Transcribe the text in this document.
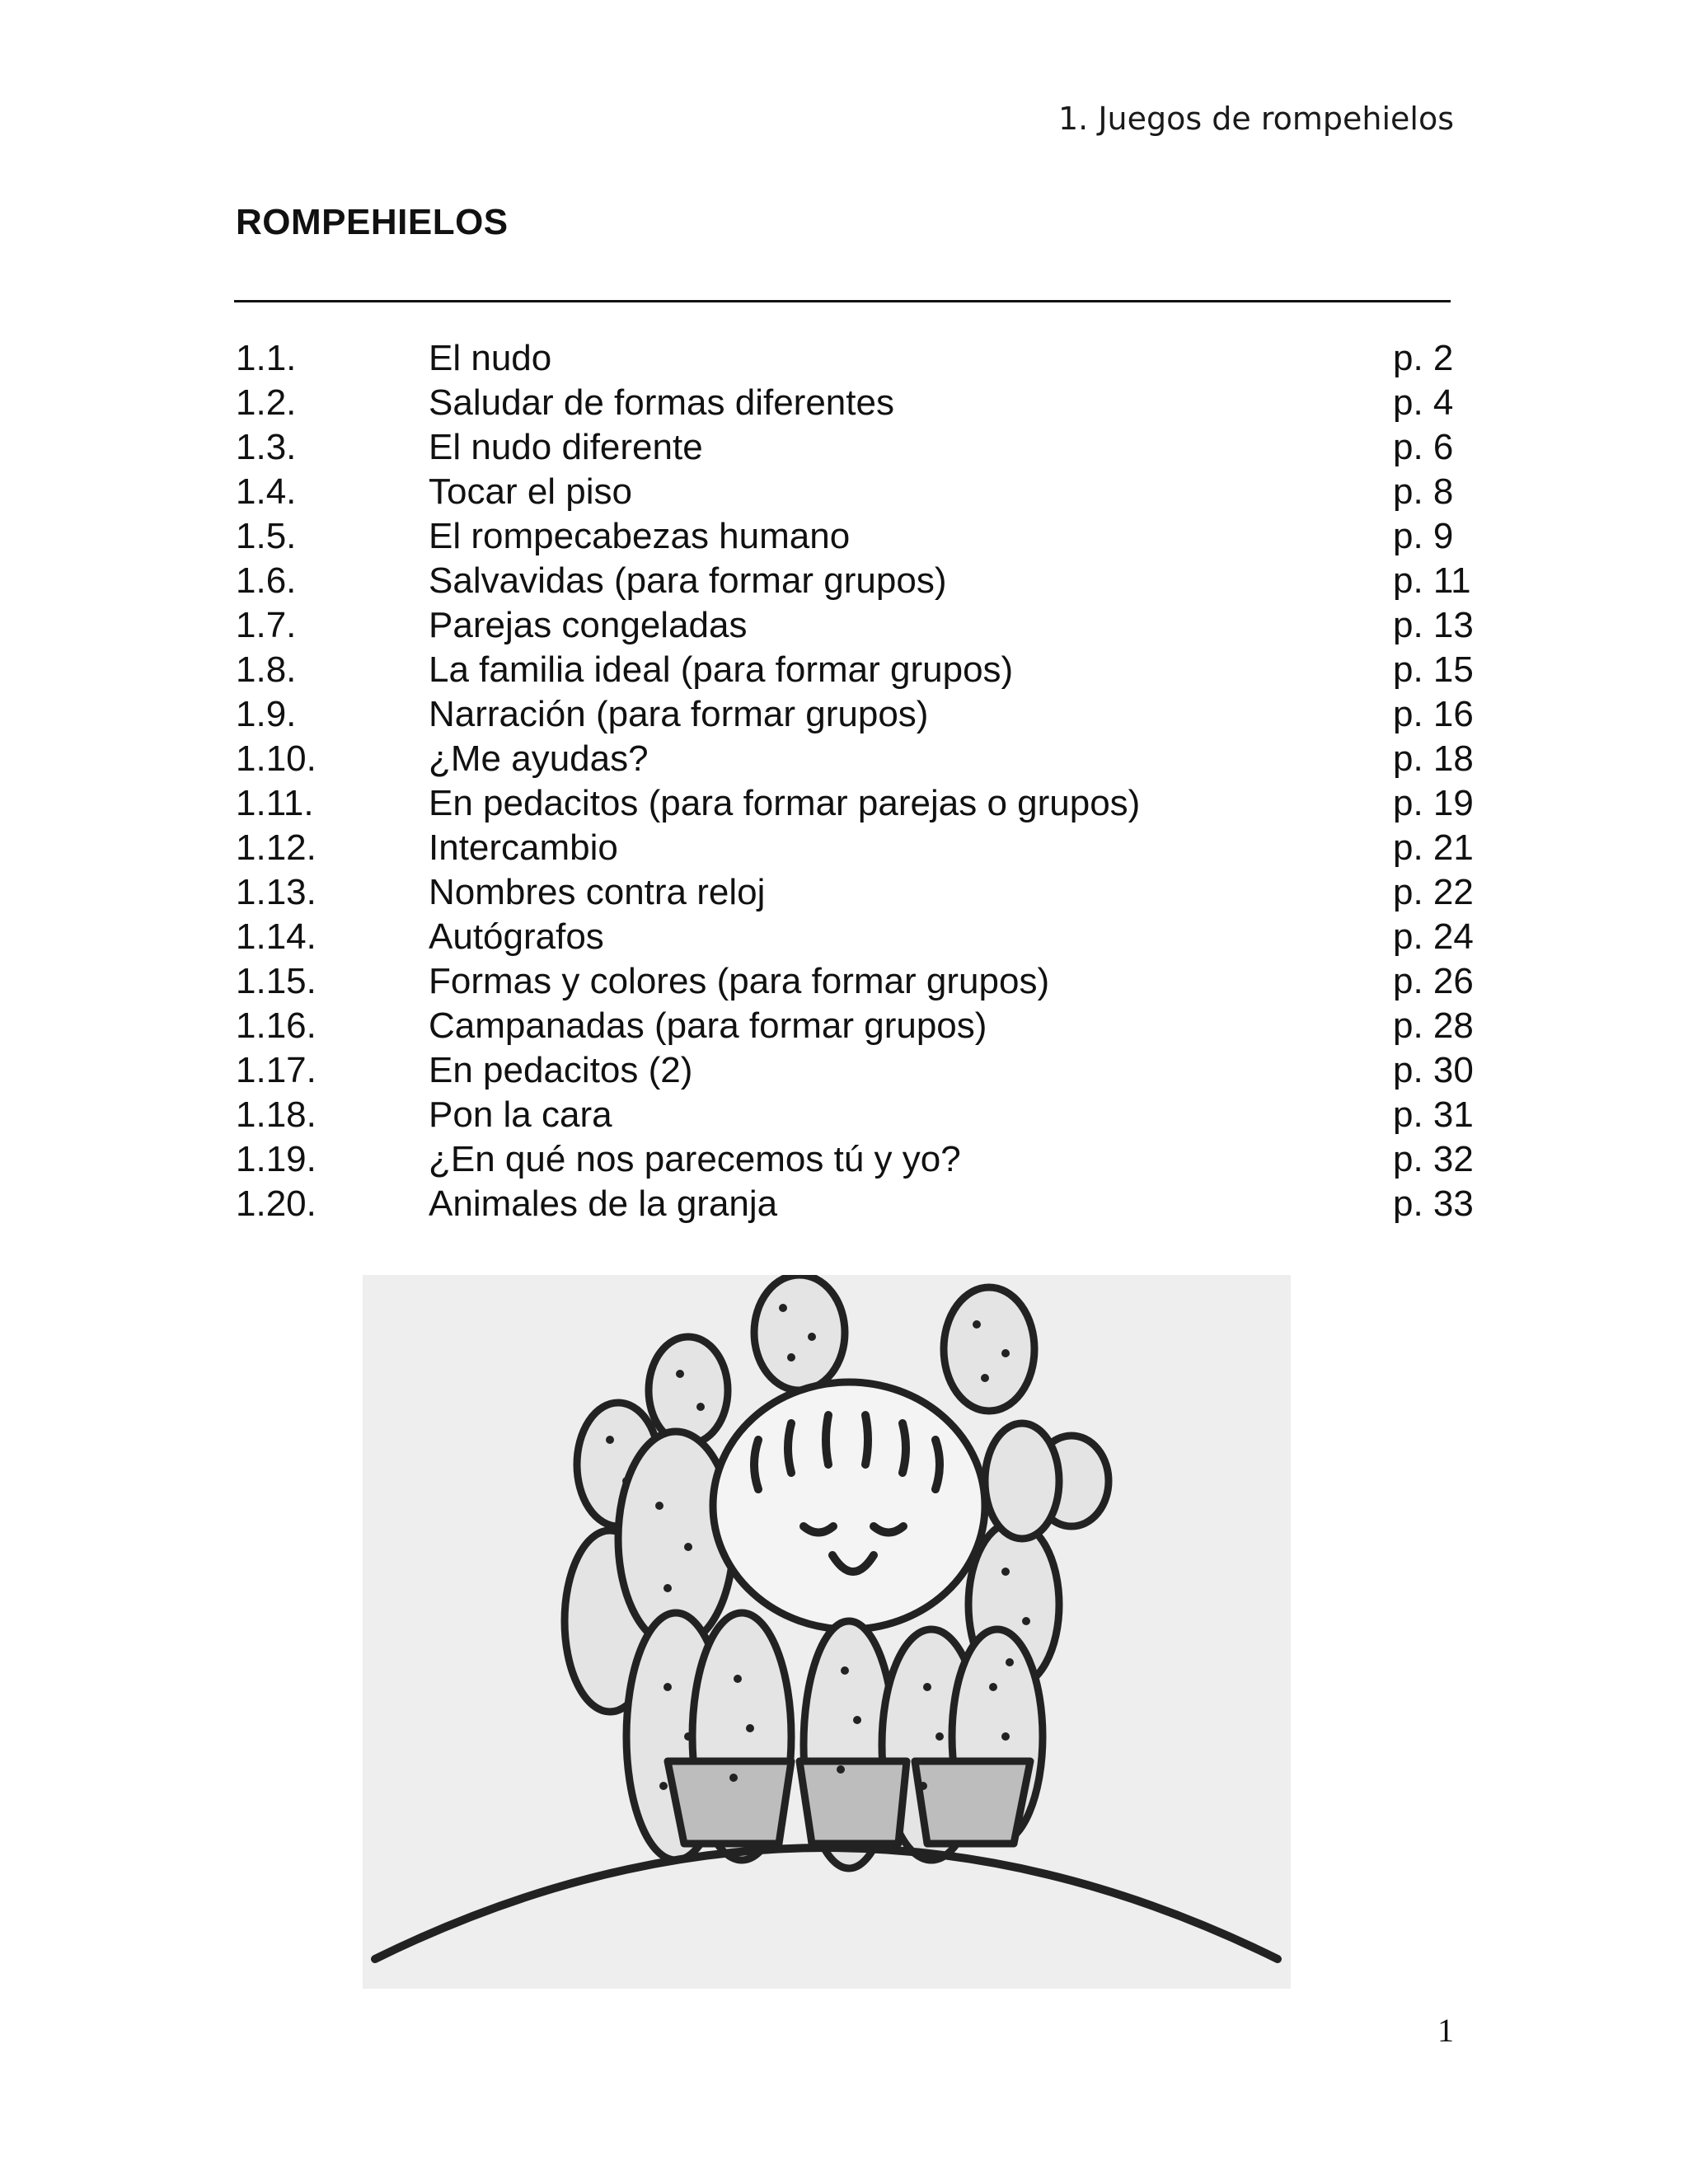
1. Juegos de rompehielos
ROMPEHIELOS
1.1.	El nudo	p. 2
1.2.	Saludar de formas diferentes	p. 4
1.3.	El nudo diferente	p. 6
1.4.	Tocar el piso	p. 8
1.5.	El rompecabezas humano	p. 9
1.6.	Salvavidas (para formar grupos)	p. 11
1.7.	Parejas congeladas	p. 13
1.8.	La familia ideal (para formar grupos)	p. 15
1.9.	Narración (para formar grupos)	p. 16
1.10.	¿Me ayudas?	p. 18
1.11.	En pedacitos (para formar parejas o grupos)	p. 19
1.12.	Intercambio	p. 21
1.13.	Nombres contra reloj	p. 22
1.14.	Autógrafos	p. 24
1.15.	Formas y colores (para formar grupos)	p. 26
1.16.	Campanadas (para formar grupos)	p. 28
1.17.	En pedacitos (2)	p. 30
1.18.	Pon la cara	p. 31
1.19.	¿En qué nos parecemos tú y yo?	p. 32
1.20.	Animales de la granja	p. 33
1
